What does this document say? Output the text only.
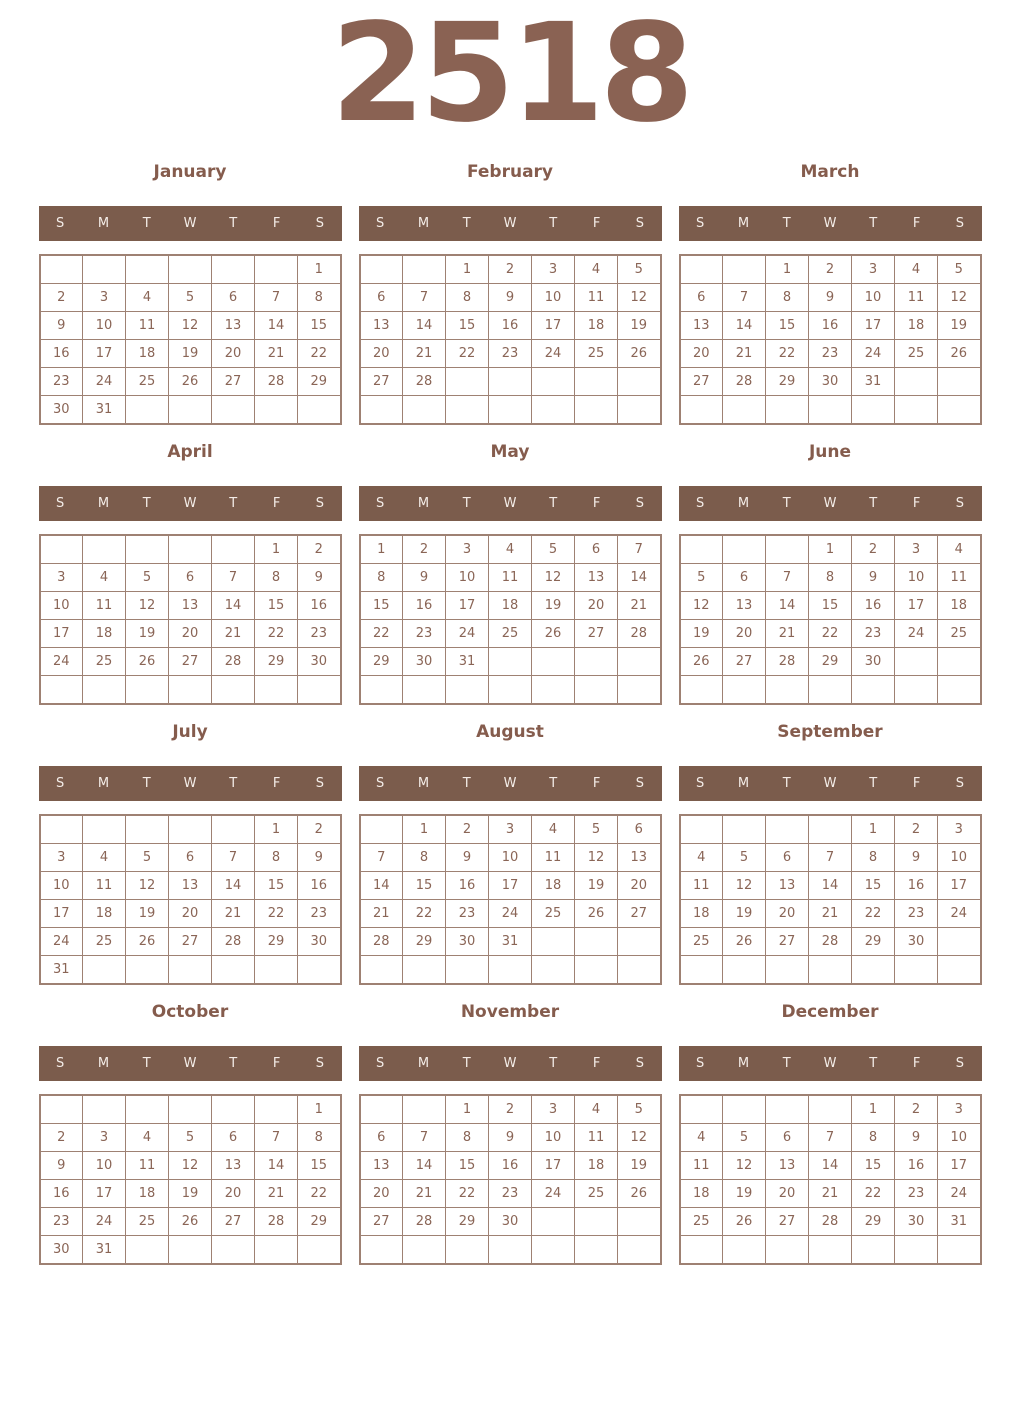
2518
January
S	M	T	W	T	F	S
						1
2	3	4	5	6	7	8
9	10	11	12	13	14	15
16	17	18	19	20	21	22
23	24	25	26	27	28	29
30	31					
February
S	M	T	W	T	F	S
		1	2	3	4	5
6	7	8	9	10	11	12
13	14	15	16	17	18	19
20	21	22	23	24	25	26
27	28					

March
S	M	T	W	T	F	S
		1	2	3	4	5
6	7	8	9	10	11	12
13	14	15	16	17	18	19
20	21	22	23	24	25	26
27	28	29	30	31		

April
S	M	T	W	T	F	S
					1	2
3	4	5	6	7	8	9
10	11	12	13	14	15	16
17	18	19	20	21	22	23
24	25	26	27	28	29	30

May
S	M	T	W	T	F	S
1	2	3	4	5	6	7
8	9	10	11	12	13	14
15	16	17	18	19	20	21
22	23	24	25	26	27	28
29	30	31				

June
S	M	T	W	T	F	S
			1	2	3	4
5	6	7	8	9	10	11
12	13	14	15	16	17	18
19	20	21	22	23	24	25
26	27	28	29	30		

July
S	M	T	W	T	F	S
					1	2
3	4	5	6	7	8	9
10	11	12	13	14	15	16
17	18	19	20	21	22	23
24	25	26	27	28	29	30
31						
August
S	M	T	W	T	F	S
	1	2	3	4	5	6
7	8	9	10	11	12	13
14	15	16	17	18	19	20
21	22	23	24	25	26	27
28	29	30	31			

September
S	M	T	W	T	F	S
				1	2	3
4	5	6	7	8	9	10
11	12	13	14	15	16	17
18	19	20	21	22	23	24
25	26	27	28	29	30	

October
S	M	T	W	T	F	S
						1
2	3	4	5	6	7	8
9	10	11	12	13	14	15
16	17	18	19	20	21	22
23	24	25	26	27	28	29
30	31					
November
S	M	T	W	T	F	S
		1	2	3	4	5
6	7	8	9	10	11	12
13	14	15	16	17	18	19
20	21	22	23	24	25	26
27	28	29	30			

December
S	M	T	W	T	F	S
				1	2	3
4	5	6	7	8	9	10
11	12	13	14	15	16	17
18	19	20	21	22	23	24
25	26	27	28	29	30	31
